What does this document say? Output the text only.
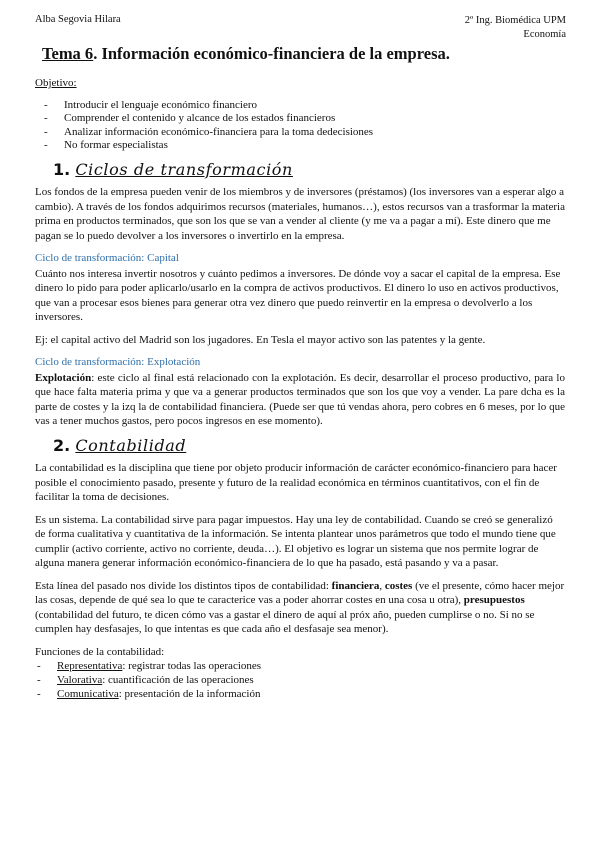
Alba Segovia Hilara	2º Ing. Biomédica UPM
Economía
Tema 6. Información económico-financiera de la empresa.
Objetivo:
- Introducir el lenguaje económico financiero
- Comprender el contenido y alcance de los estados financieros
- Analizar información económico-financiera para la toma dedecisiones
- No formar especialistas
1. Ciclos de transformación

Los fondos de la empresa pueden venir de los miembros y de inversores (préstamos) (los inversores van a esperar algo a cambio). A través de los fondos adquirimos recursos (materiales, humanos…), estos recursos van a trasformar la materia prima en productos terminados, que son los que se van a vender al cliente (y me va a pagar a mí). Este dinero que me pagan se lo puedo devolver a los inversores o invertirlo en la empresa.

Ciclo de transformación: Capital

Cuánto nos interesa invertir nosotros y cuánto pedimos a inversores. De dónde voy a sacar el capital de la empresa. Ese dinero lo pido para poder aplicarlo/usarlo en la compra de activos productivos. El dinero lo uso en activos productivos, que van a procesar esos bienes para generar otra vez dinero que puedo reinvertir en la empresa o devolverlo a los inversores.

Ej: el capital activo del Madrid son los jugadores. En Tesla el mayor activo son las patentes y la gente.

Ciclo de transformación: Explotación

Explotación: este ciclo al final está relacionado con la explotación. Es decir, desarrollar el proceso productivo, para lo que hace falta materia prima y que va a generar productos terminados que son los que voy a vender. La pare dcha es la parte de costes y la izq la de contabilidad financiera. (Puede ser que tú vendas ahora, pero cobres en 6 meses, por lo que vas a tener muchos gastos, pero pocos ingresos en ese momento).

2. Contabilidad

La contabilidad es la disciplina que tiene por objeto producir información de carácter económico-financiero para hacer posible el conocimiento pasado, presente y futuro de la realidad económica en términos cuantitativos, con el fin de facilitar la toma de decisiones.

Es un sistema. La contabilidad sirve para pagar impuestos. Hay una ley de contabilidad. Cuando se creó se generalizó de forma cualitativa y cuantitativa de la información. Se intenta plantear unos parámetros que todo el mundo tiene que cumplir (activo corriente, activo no corriente, deuda…). El objetivo es lograr un sistema que nos permite lograr de alguna manera generar información económico-financiera de lo que ha pasado, está pasando y va a pasar.

Esta línea del pasado nos divide los distintos tipos de contabilidad: financiera, costes (ve el presente, cómo hacer mejor las cosas, depende de qué sea lo que te caracterice vas a poder ahorrar costes en una cosa u otra), presupuestos (contabilidad del futuro, te dicen cómo vas a gastar el dinero de aquí al próx año, pueden cumplirse o no. Si no se cumplen hay desfasajes, lo que intentas es que cada año el desfasaje sea menor).

Funciones de la contabilidad:
- Representativa: registrar todas las operaciones
- Valorativa: cuantificación de las operaciones
- Comunicativa: presentación de la información
